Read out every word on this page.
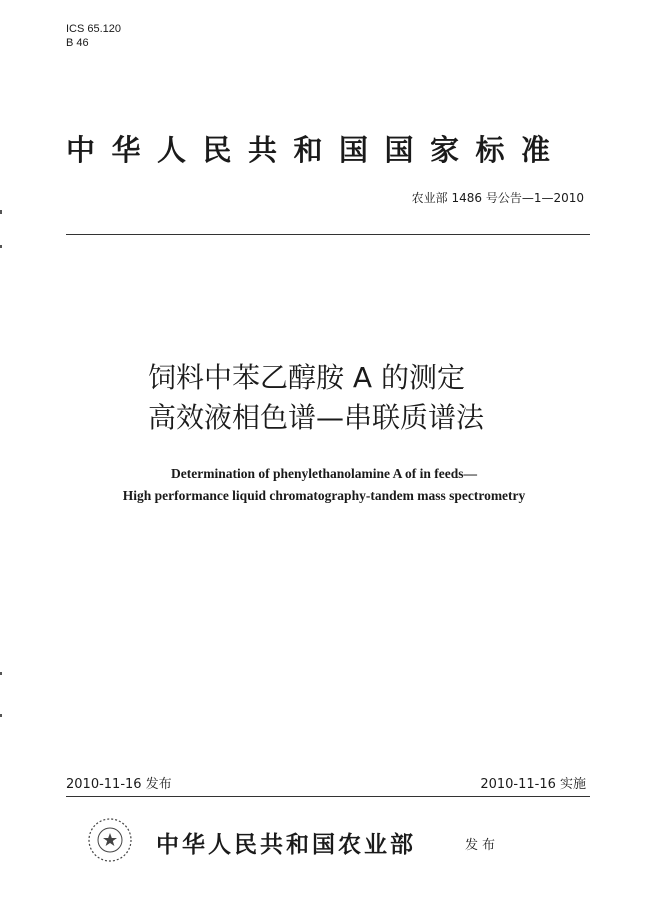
ICS 65.120
B 46
中华人民共和国国家标准
农业部 1486 号公告—1—2010
饲料中苯乙醇胺 A 的测定
高效液相色谱—串联质谱法
Determination of phenylethanolamine A of in feeds—
High performance liquid chromatography-tandem mass spectrometry
2010-11-16 发布	2010-11-16 实施
中华人民共和国农业部	发布
